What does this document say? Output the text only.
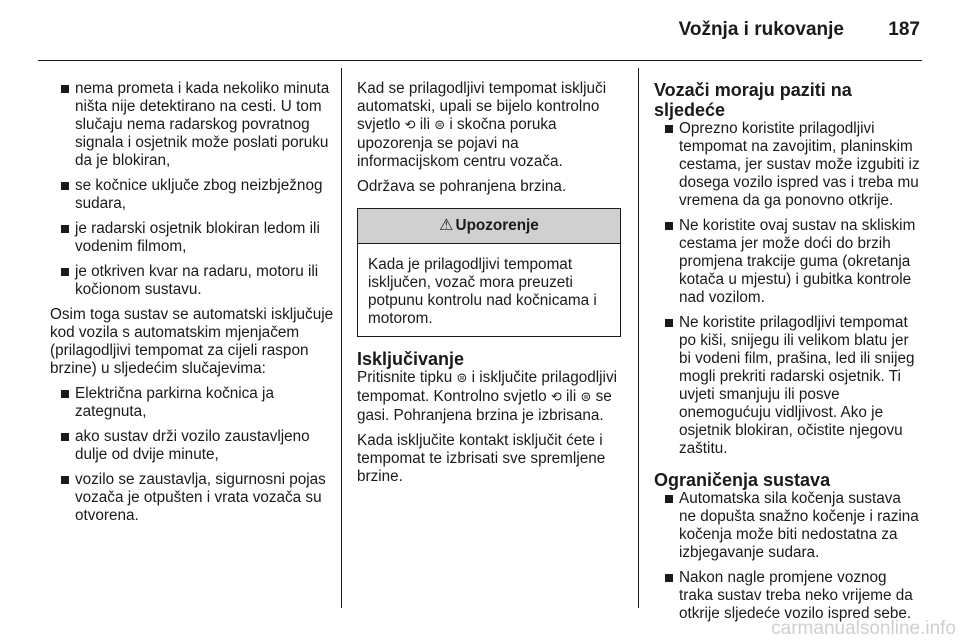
Vožnja i rukovanje 187
nema prometa i kada nekoliko minuta ništa nije detektirano na cesti. U tom slučaju nema radarskog povratnog signala i osjetnik može poslati poruku da je blokiran,
se kočnice uključe zbog neizbježnog sudara,
je radarski osjetnik blokiran ledom ili vodenim filmom,
je otkriven kvar na radaru, motoru ili kočionom sustavu.

Osim toga sustav se automatski isključuje kod vozila s automatskim mjenjačem (prilagodljivi tempomat za cijeli raspon brzine) u sljedećim slučajevima:

Električna parkirna kočnica ja zategnuta,
ako sustav drži vozilo zaustavljeno dulje od dvije minute,
vozilo se zaustavlja, sigurnosni pojas vozača je otpušten i vrata vozača su otvorena.

Kad se prilagodljivi tempomat isključi automatski, upali se bijelo kontrolno svjetlo ⟲ ili ⊜ i skočna poruka upozorenja se pojavi na informacijskom centru vozača.

Održava se pohranjena brzina.

⚠ Upozorenje
Kada je prilagodljivi tempomat isključen, vozač mora preuzeti potpunu kontrolu nad kočnicama i motorom.
Isključivanje

Pritisnite tipku ⊜ i isključite prilagodljivi tempomat. Kontrolno svjetlo ⟲ ili ⊜ se gasi. Pohranjena brzina je izbrisana.

Kada isključite kontakt isključit ćete i tempomat te izbrisati sve spremljene brzine.

Vozači moraju paziti na sljedeće
Oprezno koristite prilagodljivi tempomat na zavojitim, planinskim cestama, jer sustav može izgubiti iz dosega vozilo ispred vas i treba mu vremena da ga ponovno otkrije.
Ne koristite ovaj sustav na skliskim cestama jer može doći do brzih promjena trakcije guma (okretanja kotača u mjestu) i gubitka kontrole nad vozilom.
Ne koristite prilagodljivi tempomat po kiši, snijegu ili velikom blatu jer bi vodeni film, prašina, led ili snijeg mogli prekriti radarski osjetnik. Ti uvjeti smanjuju ili posve onemogućuju vidljivost. Ako je osjetnik blokiran, očistite njegovu zaštitu.
Ograničenja sustava
Automatska sila kočenja sustava ne dopušta snažno kočenje i razina kočenja može biti nedostatna za izbjegavanje sudara.
Nakon nagle promjene voznog traka sustav treba neko vrijeme da otkrije sljedeće vozilo ispred sebe.
carmanualsonline.info
